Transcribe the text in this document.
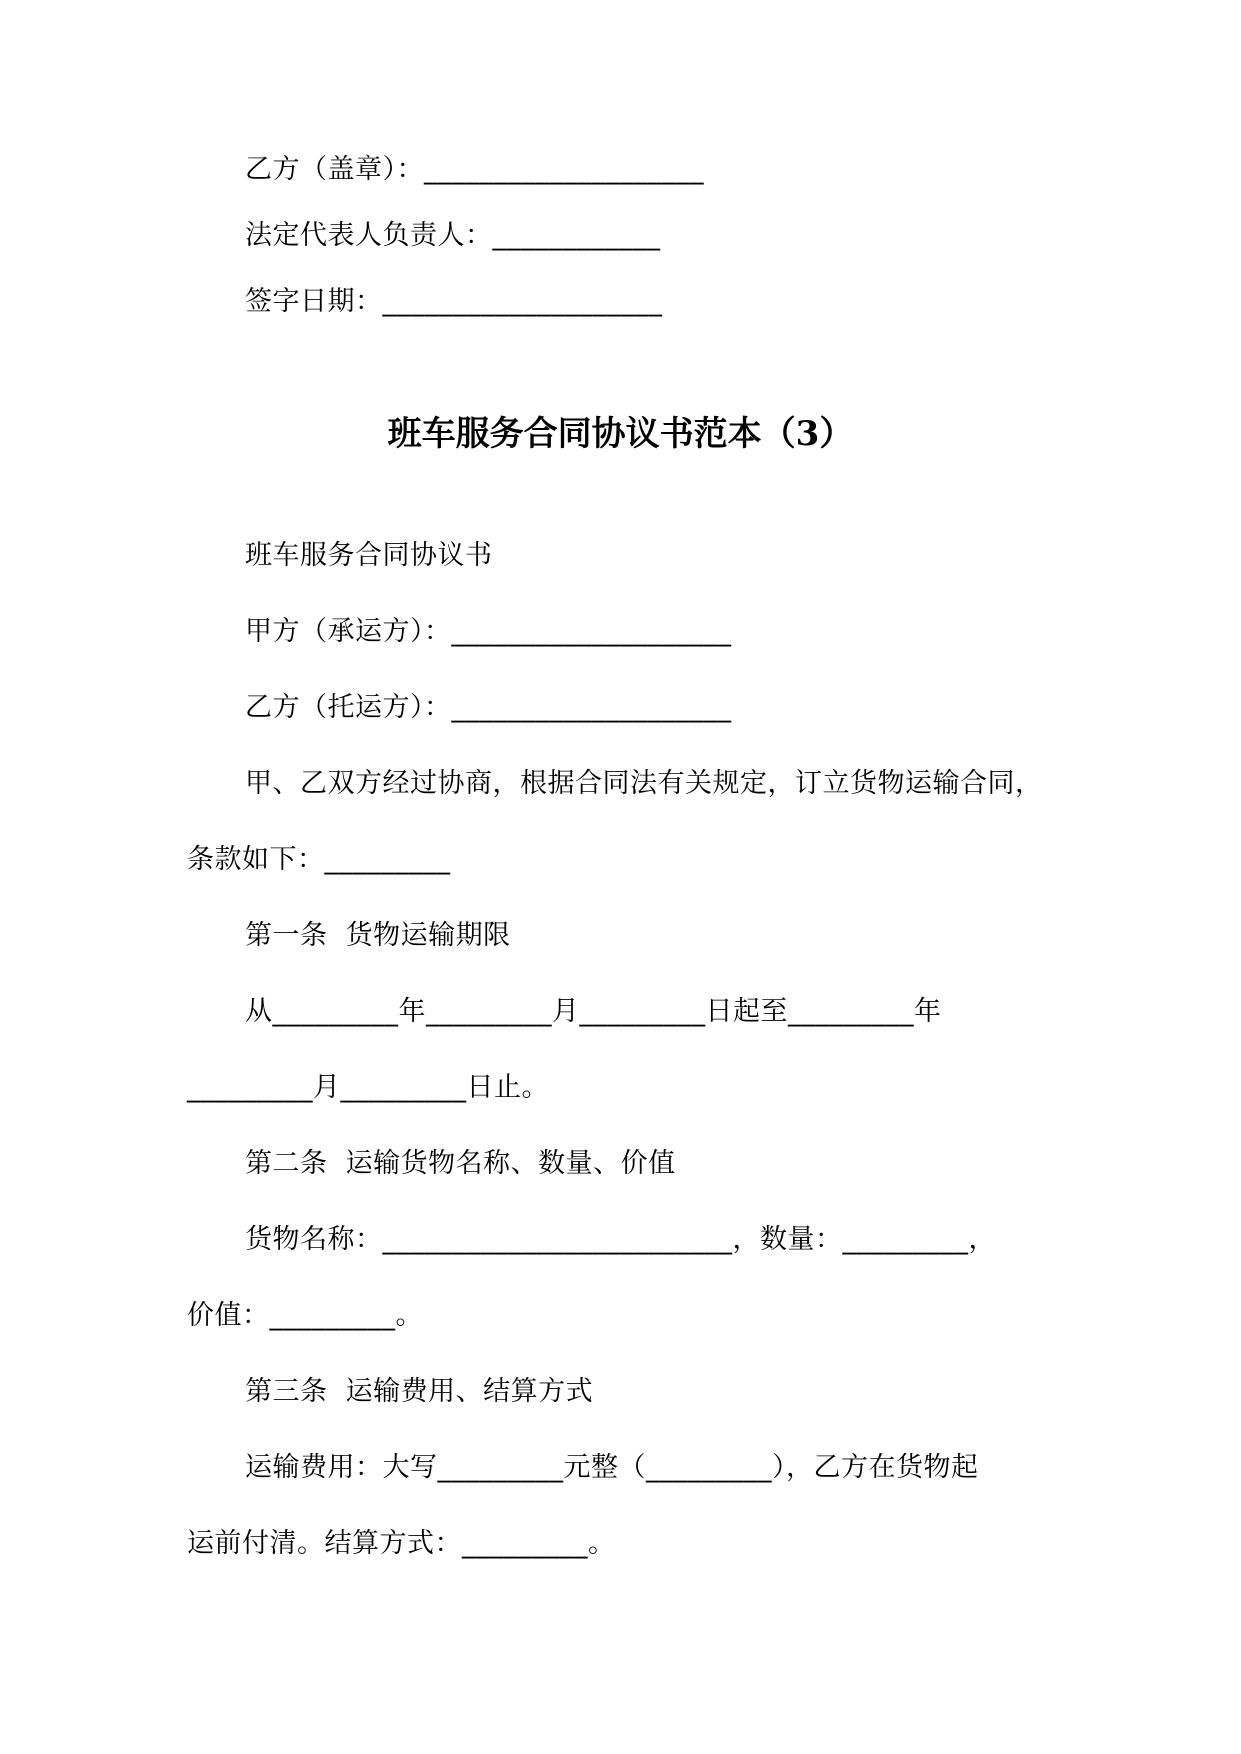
乙方（盖章）：____________________
法定代表人负责人：____________
签字日期：____________________
班车服务合同协议书范本（3）
班车服务合同协议书
甲方（承运方）：____________________
乙方（托运方）：____________________
甲、乙双方经过协商，根据合同法有关规定，订立货物运输合同，
条款如下：_________
第一条  货物运输期限
从_________年_________月_________日起至_________年
_________月_________日止。
第二条  运输货物名称、数量、价值
货物名称：_________________________，数量：_________，
价值：_________。
第三条  运输费用、结算方式
运输费用：大写_________元整（_________），乙方在货物起
运前付清。结算方式：_________。
